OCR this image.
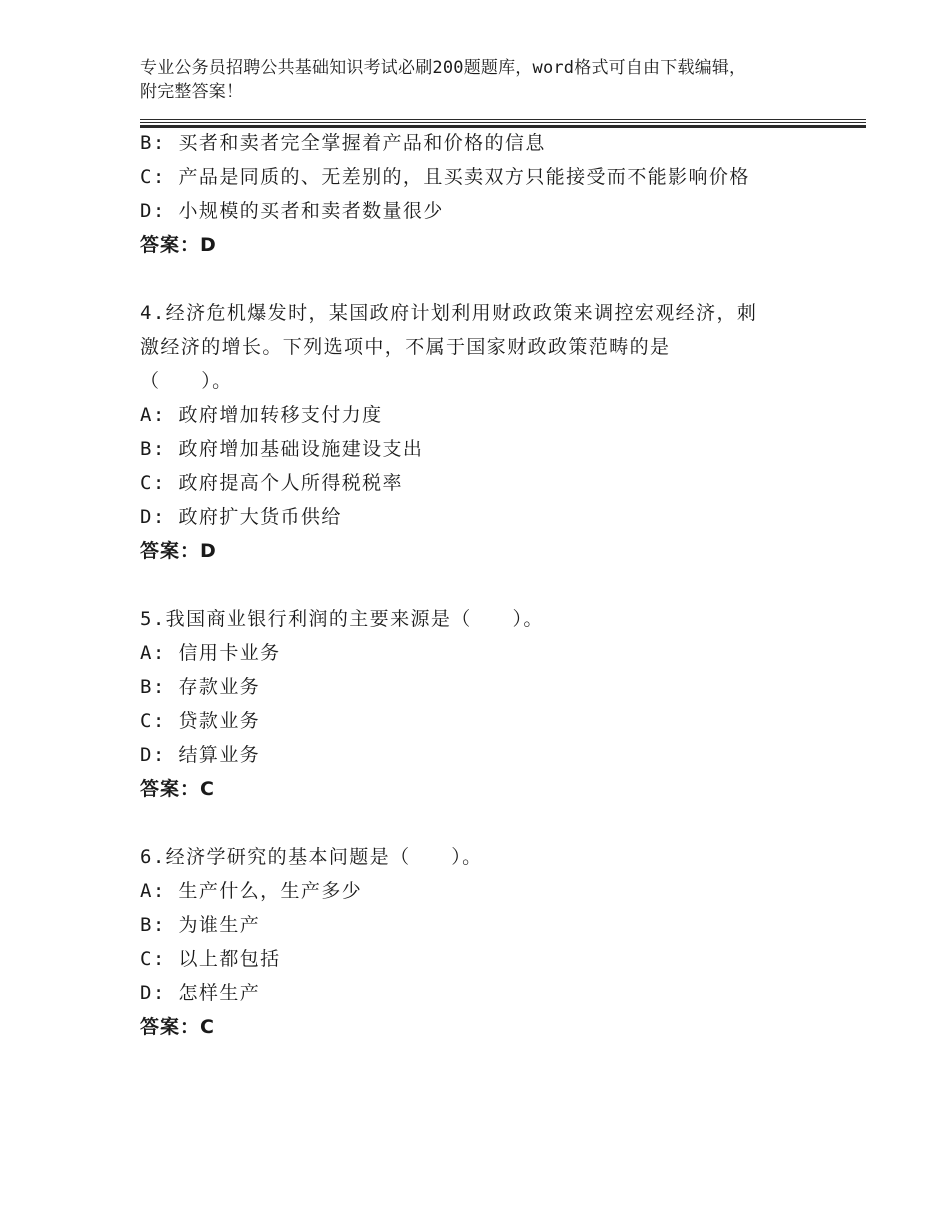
专业公务员招聘公共基础知识考试必刷200题题库，word格式可自由下载编辑，
附完整答案！
B: 买者和卖者完全掌握着产品和价格的信息
C: 产品是同质的、无差别的，且买卖双方只能接受而不能影响价格
D: 小规模的买者和卖者数量很少
答案：D
4.经济危机爆发时，某国政府计划利用财政政策来调控宏观经济，刺
激经济的增长。下列选项中，不属于国家财政政策范畴的是
（　　）。
A: 政府增加转移支付力度
B: 政府增加基础设施建设支出
C: 政府提高个人所得税税率
D: 政府扩大货币供给
答案：D
5.我国商业银行利润的主要来源是（　　）。
A: 信用卡业务
B: 存款业务
C: 贷款业务
D: 结算业务
答案：C
6.经济学研究的基本问题是（　　）。
A: 生产什么，生产多少
B: 为谁生产
C: 以上都包括
D: 怎样生产
答案：C
